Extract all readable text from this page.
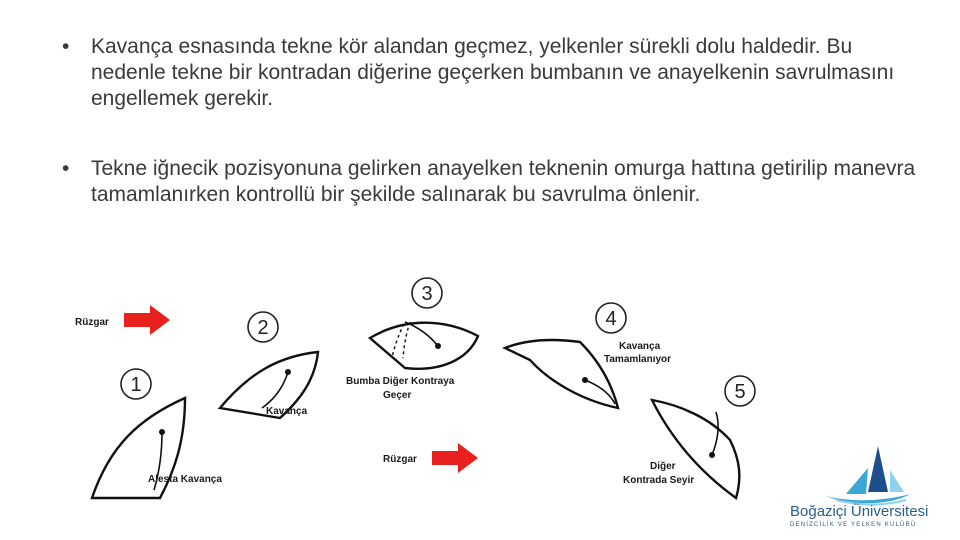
• Kavança esnasında tekne kör alandan geçmez, yelkenler sürekli dolu haldedir. Bu nedenle tekne bir kontradan diğerine geçerken bumbanın ve anayelkenin savrulmasını engellemek gerekir.
• Tekne iğnecik pozisyonuna gelirken anayelken teknenin omurga hattına getirilip manevra tamamlanırken kontrollü bir şekilde salınarak bu savrulma önlenir.
Rüzgar
1
Alesta Kavança
2
Kavança
3
Bumba Diğer Kontraya
Geçer
4
Kavança
Tamamlanıyor
5
Diğer
Kontrada Seyir
Rüzgar
Boğaziçi Üniversitesi
DENİZCİLİK VE YELKEN KULÜBÜ
